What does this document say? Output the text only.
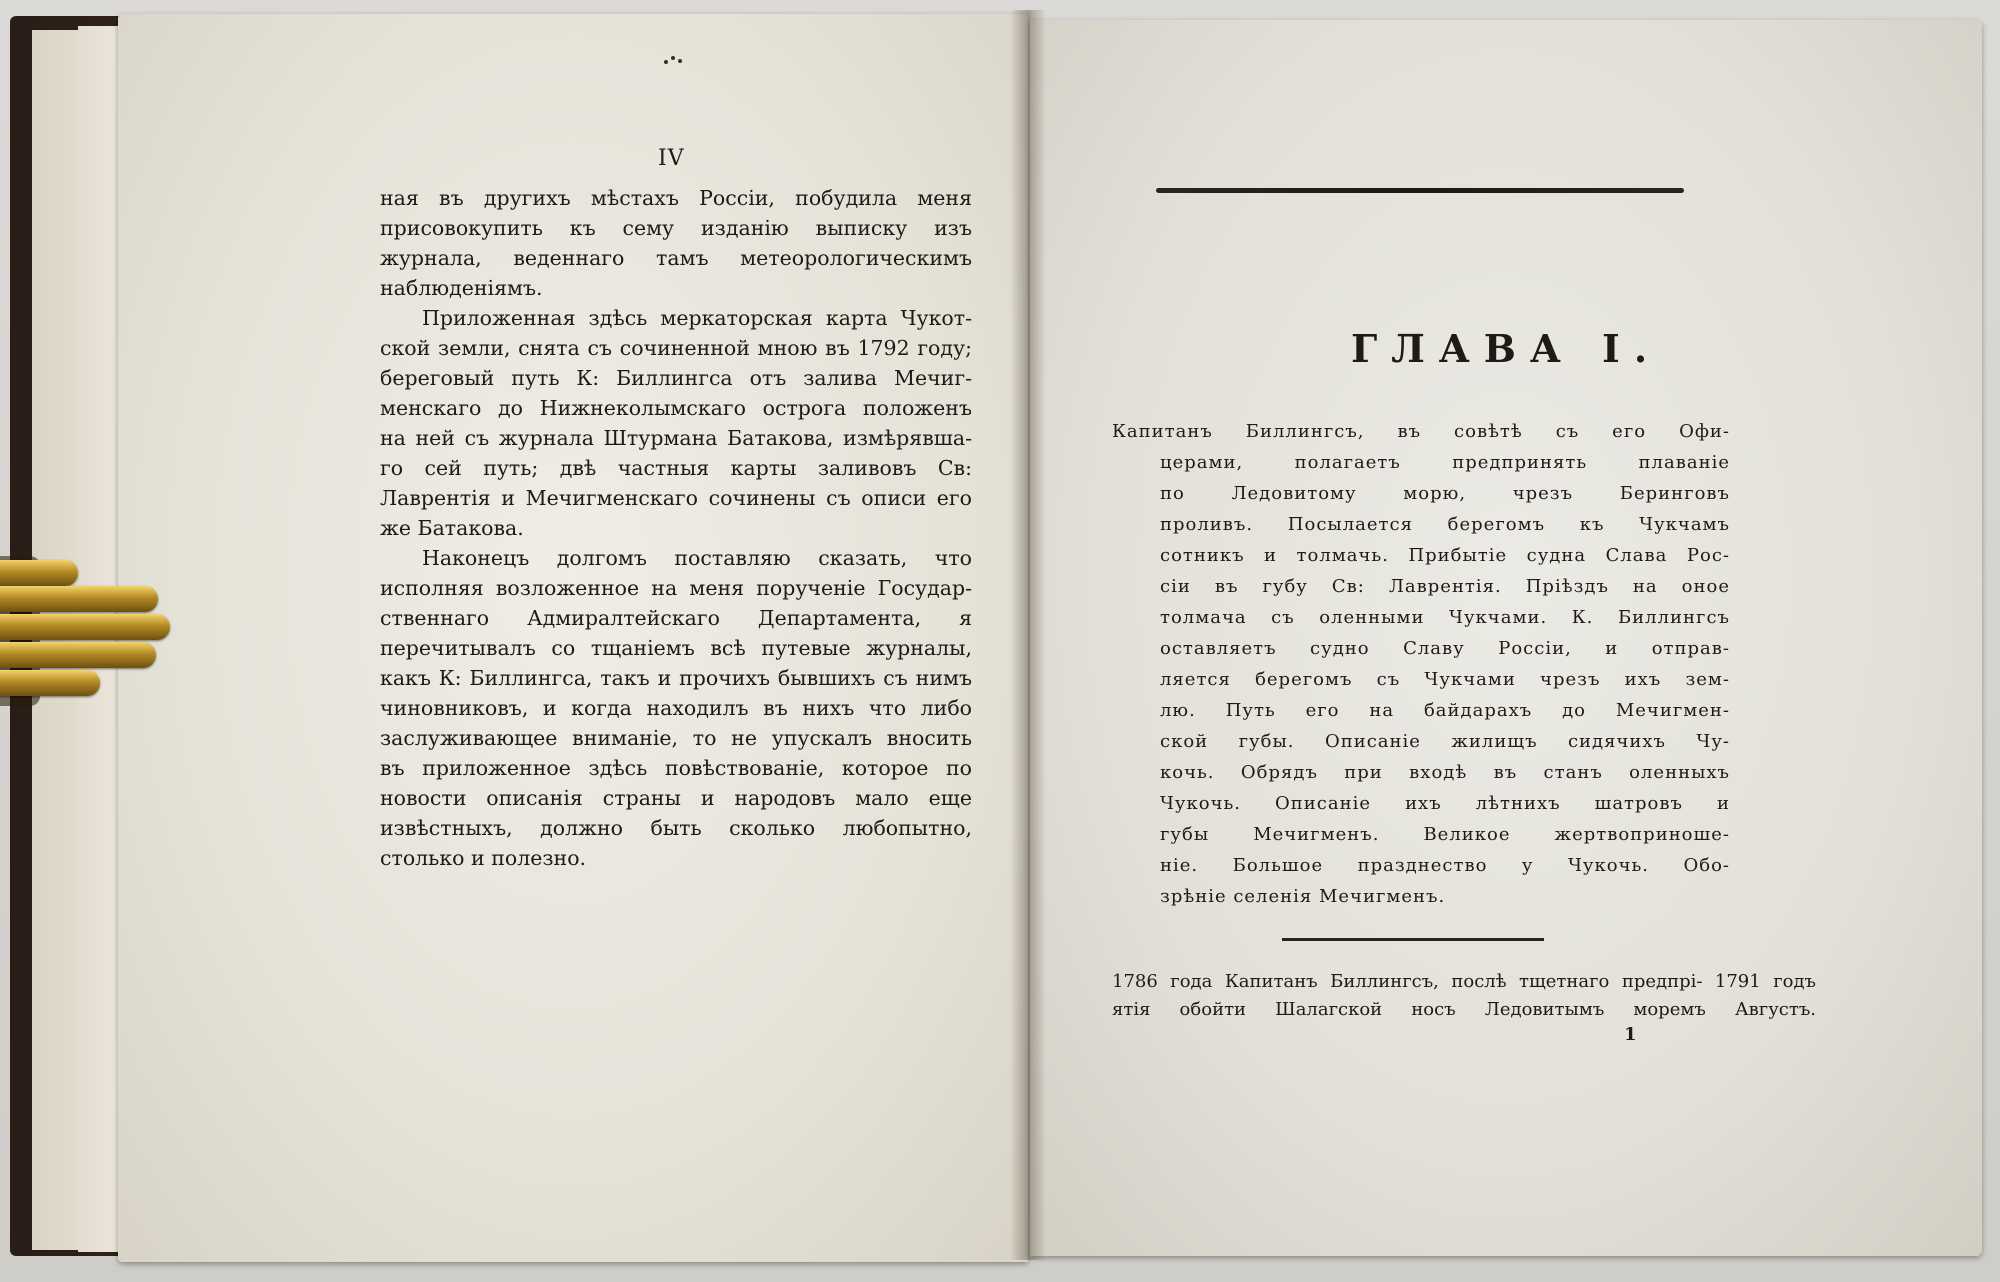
IV
ная въ другихъ мѣстахъ Россіи, побудила меня
присовокупить къ сему изданію выписку изъ
журнала, веденнаго тамъ метеорологическимъ
наблюденіямъ.
Приложенная здѣсь меркаторская карта Чукот-
ской земли, снята съ сочиненной мною въ 1792 году;
береговый путь К: Биллингса отъ залива Мечиг-
менскаго до Нижнеколымскаго острога положенъ
на ней съ журнала Штурмана Батакова, измѣрявша-
го сей путь; двѣ частныя карты заливовъ Св:
Лаврентія и Мечигменскаго сочинены съ описи его
же Батакова.
Наконецъ долгомъ поставляю сказать, что
исполняя возложенное на меня порученіе Государ-
ственнаго Адмиралтейскаго Департамента, я
перечитывалъ со тщаніемъ всѣ путевые журналы,
какъ К: Биллингса, такъ и прочихъ бывшихъ съ нимъ
чиновниковъ, и когда находилъ въ нихъ что либо
заслуживающее вниманіе, то не упускалъ вносить
въ приложенное здѣсь повѣствованіе, которое по
новости описанія страны и народовъ мало еще
извѣстныхъ, должно быть сколько любопытно,
столько и полезно.
ГЛАВА I.
Капитанъ Биллингсъ, въ совѣтѣ съ его Офи-
церами, полагаетъ предпринять плаваніе
по Ледовитому морю, чрезъ Беринговъ
проливъ. Посылается берегомъ къ Чукчамъ
сотникъ и толмачь. Прибытіе судна Слава Рос-
сіи въ губу Св: Лаврентія. Пріѣздъ на оное
толмача съ оленными Чукчами. К. Биллингсъ
оставляетъ судно Славу Россіи, и отправ-
ляется берегомъ съ Чукчами чрезъ ихъ зем-
лю. Путь его на байдарахъ до Мечигмен-
ской губы. Описаніе жилищъ сидячихъ Чу-
кочь. Обрядъ при входѣ въ станъ оленныхъ
Чукочь. Описаніе ихъ лѣтнихъ шатровъ и
губы Мечигменъ. Великое жертвоприноше-
ніе. Большое празднество у Чукочь. Обо-
зрѣніе селенія Мечигменъ.
1786 года Капитанъ Биллингсъ, послѣ тщетнаго предпрі- 1791 годъ
ятія обойти Шалагской носъ Ледовитымъ моремъ Августъ.
1
